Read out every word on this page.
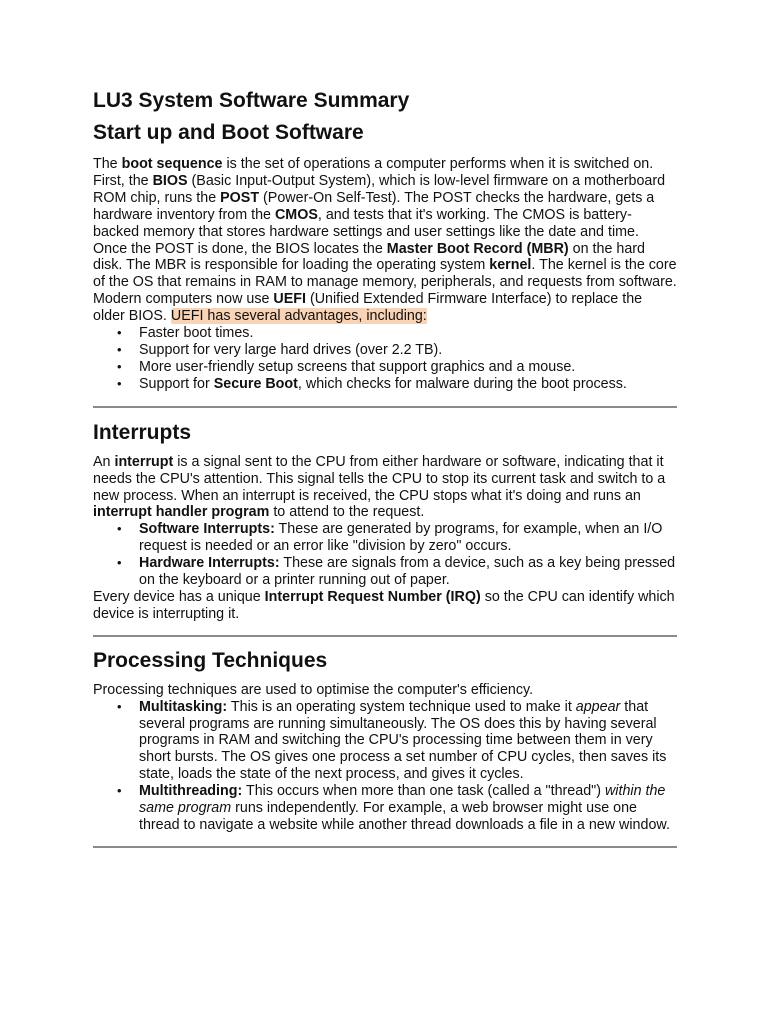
LU3 System Software Summary
Start up and Boot Software

The boot sequence is the set of operations a computer performs when it is switched on.

First, the BIOS (Basic Input-Output System), which is low-level firmware on a motherboard ROM chip, runs the POST (Power-On Self-Test). The POST checks the hardware, gets a hardware inventory from the CMOS, and tests that it's working. The CMOS is battery-backed memory that stores hardware settings and user settings like the date and time.

Once the POST is done, the BIOS locates the Master Boot Record (MBR) on the hard disk. The MBR is responsible for loading the operating system kernel. The kernel is the core of the OS that remains in RAM to manage memory, peripherals, and requests from software.

Modern computers now use UEFI (Unified Extended Firmware Interface) to replace the older BIOS. UEFI has several advantages, including:

• Faster boot times.
• Support for very large hard drives (over 2.2 TB).
• More user-friendly setup screens that support graphics and a mouse.
• Support for Secure Boot, which checks for malware during the boot process.
Interrupts

An interrupt is a signal sent to the CPU from either hardware or software, indicating that it needs the CPU's attention. This signal tells the CPU to stop its current task and switch to a new process. When an interrupt is received, the CPU stops what it's doing and runs an interrupt handler program to attend to the request.

• Software Interrupts: These are generated by programs, for example, when an I/O request is needed or an error like "division by zero" occurs.
• Hardware Interrupts: These are signals from a device, such as a key being pressed on the keyboard or a printer running out of paper.

Every device has a unique Interrupt Request Number (IRQ) so the CPU can identify which device is interrupting it.

Processing Techniques

Processing techniques are used to optimise the computer's efficiency.

• Multitasking: This is an operating system technique used to make it appear that several programs are running simultaneously. The OS does this by having several programs in RAM and switching the CPU's processing time between them in very short bursts. The OS gives one process a set number of CPU cycles, then saves its state, loads the state of the next process, and gives it cycles.
• Multithreading: This occurs when more than one task (called a "thread") within the same program runs independently. For example, a web browser might use one thread to navigate a website while another thread downloads a file in a new window.
